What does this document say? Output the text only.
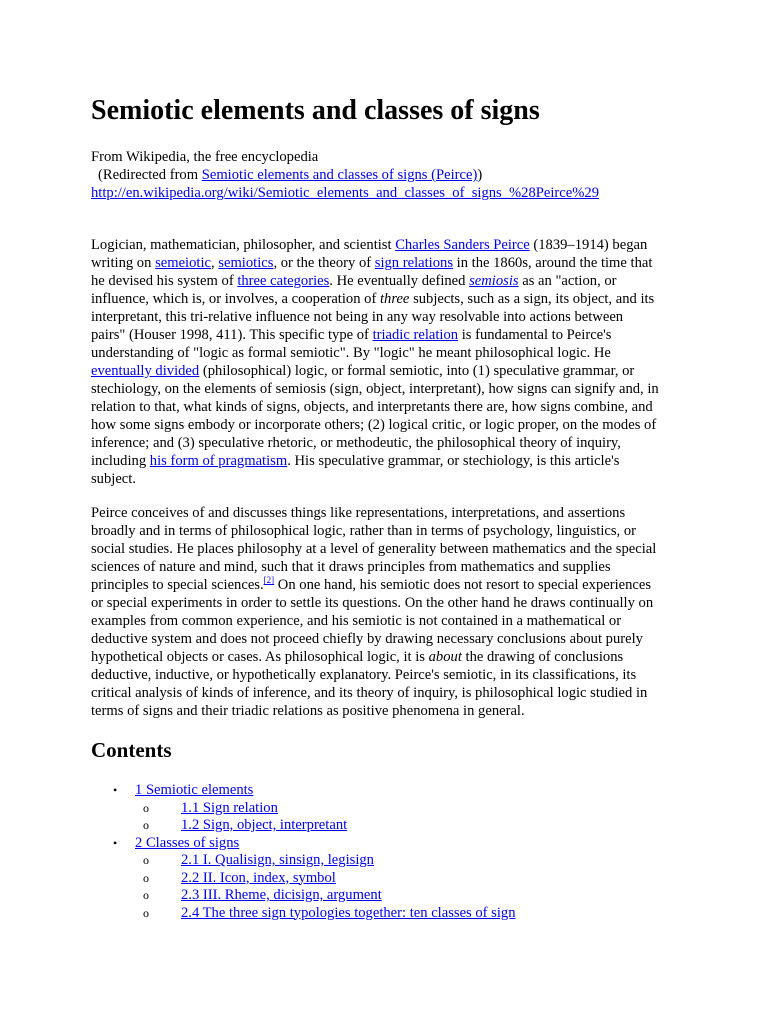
Semiotic elements and classes of signs
From Wikipedia, the free encyclopedia
(Redirected from Semiotic elements and classes of signs (Peirce))
http://en.wikipedia.org/wiki/Semiotic_elements_and_classes_of_signs_%28Peirce%29
Logician, mathematician, philosopher, and scientist Charles Sanders Peirce (1839–1914) began
writing on semeiotic, semiotics, or the theory of sign relations in the 1860s, around the time that
he devised his system of three categories. He eventually defined semiosis as an "action, or
influence, which is, or involves, a cooperation of three subjects, such as a sign, its object, and its
interpretant, this tri-relative influence not being in any way resolvable into actions between
pairs" (Houser 1998, 411). This specific type of triadic relation is fundamental to Peirce's
understanding of "logic as formal semiotic". By "logic" he meant philosophical logic. He
eventually divided (philosophical) logic, or formal semiotic, into (1) speculative grammar, or
stechiology, on the elements of semiosis (sign, object, interpretant), how signs can signify and, in
relation to that, what kinds of signs, objects, and interpretants there are, how signs combine, and
how some signs embody or incorporate others; (2) logical critic, or logic proper, on the modes of
inference; and (3) speculative rhetoric, or methodeutic, the philosophical theory of inquiry,
including his form of pragmatism. His speculative grammar, or stechiology, is this article's
subject.
Peirce conceives of and discusses things like representations, interpretations, and assertions
broadly and in terms of philosophical logic, rather than in terms of psychology, linguistics, or
social studies. He places philosophy at a level of generality between mathematics and the special
sciences of nature and mind, such that it draws principles from mathematics and supplies
principles to special sciences.[2] On one hand, his semiotic does not resort to special experiences
or special experiments in order to settle its questions. On the other hand he draws continually on
examples from common experience, and his semiotic is not contained in a mathematical or
deductive system and does not proceed chiefly by drawing necessary conclusions about purely
hypothetical objects or cases. As philosophical logic, it is about the drawing of conclusions
deductive, inductive, or hypothetically explanatory. Peirce's semiotic, in its classifications, its
critical analysis of kinds of inference, and its theory of inquiry, is philosophical logic studied in
terms of signs and their triadic relations as positive phenomena in general.
Contents
• 1 Semiotic elements
o 1.1 Sign relation
o 1.2 Sign, object, interpretant
• 2 Classes of signs
o 2.1 I. Qualisign, sinsign, legisign
o 2.2 II. Icon, index, symbol
o 2.3 III. Rheme, dicisign, argument
o 2.4 The three sign typologies together: ten classes of sign
